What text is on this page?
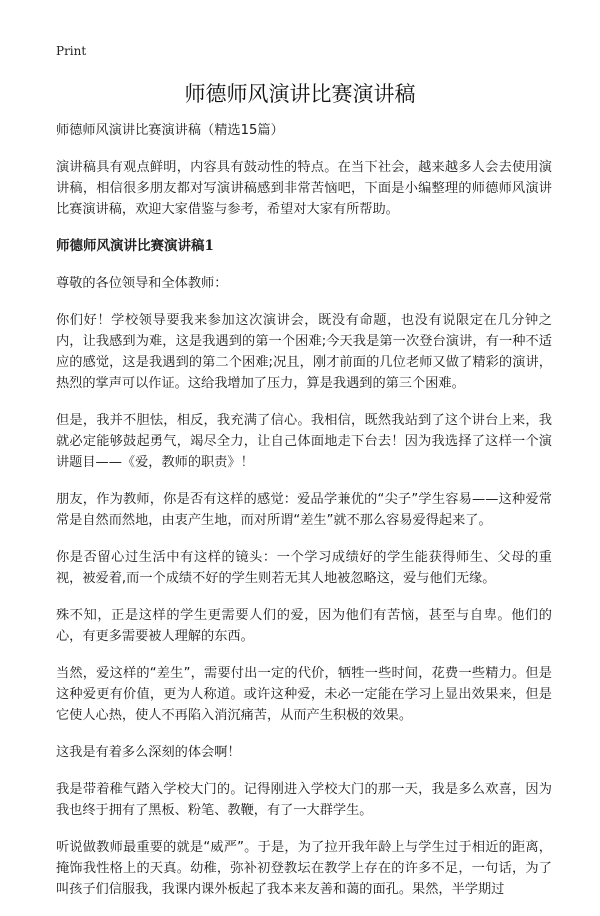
Print
师德师风演讲比赛演讲稿

师德师风演讲比赛演讲稿（精选15篇）

演讲稿具有观点鲜明，内容具有鼓动性的特点。在当下社会，越来越多人会去使用演讲稿，相信很多朋友都对写演讲稿感到非常苦恼吧，下面是小编整理的师德师风演讲比赛演讲稿，欢迎大家借鉴与参考，希望对大家有所帮助。

师德师风演讲比赛演讲稿1

尊敬的各位领导和全体教师：

你们好！学校领导要我来参加这次演讲会，既没有命题，也没有说限定在几分钟之内，让我感到为难，这是我遇到的第一个困难;今天我是第一次登台演讲，有一种不适应的感觉，这是我遇到的第二个困难;况且，刚才前面的几位老师又做了精彩的演讲，热烈的掌声可以作证。这给我增加了压力，算是我遇到的第三个困难。

但是，我并不胆怯，相反，我充满了信心。我相信，既然我站到了这个讲台上来，我就必定能够鼓起勇气，竭尽全力，让自己体面地走下台去！因为我选择了这样一个演讲题目——《爱，教师的职责》！

朋友，作为教师，你是否有这样的感觉：爱品学兼优的“尖子”学生容易——这种爱常常是自然而然地，由衷产生地，而对所谓“差生”就不那么容易爱得起来了。

你是否留心过生活中有这样的镜头：一个学习成绩好的学生能获得师生、父母的重视，被爱着,而一个成绩不好的学生则若无其人地被忽略这，爱与他们无缘。

殊不知，正是这样的学生更需要人们的爱，因为他们有苦恼，甚至与自卑。他们的心，有更多需要被人理解的东西。

当然，爱这样的“差生”，需要付出一定的代价，牺牲一些时间，花费一些精力。但是这种爱更有价值，更为人称道。或许这种爱，未必一定能在学习上显出效果来，但是它使人心热，使人不再陷入消沉痛苦，从而产生积极的效果。

这我是有着多么深刻的体会啊！

我是带着稚气踏入学校大门的。记得刚进入学校大门的那一天，我是多么欢喜，因为我也终于拥有了黑板、粉笔、教鞭，有了一大群学生。

听说做教师最重要的就是“威严”。于是，为了拉开我年龄上与学生过于相近的距离，掩饰我性格上的天真。幼稚，弥补初登教坛在教学上存在的许多不足，一句话，为了叫孩子们信服我，我课内课外板起了我本来友善和蔼的面孔。果然，半学期过
